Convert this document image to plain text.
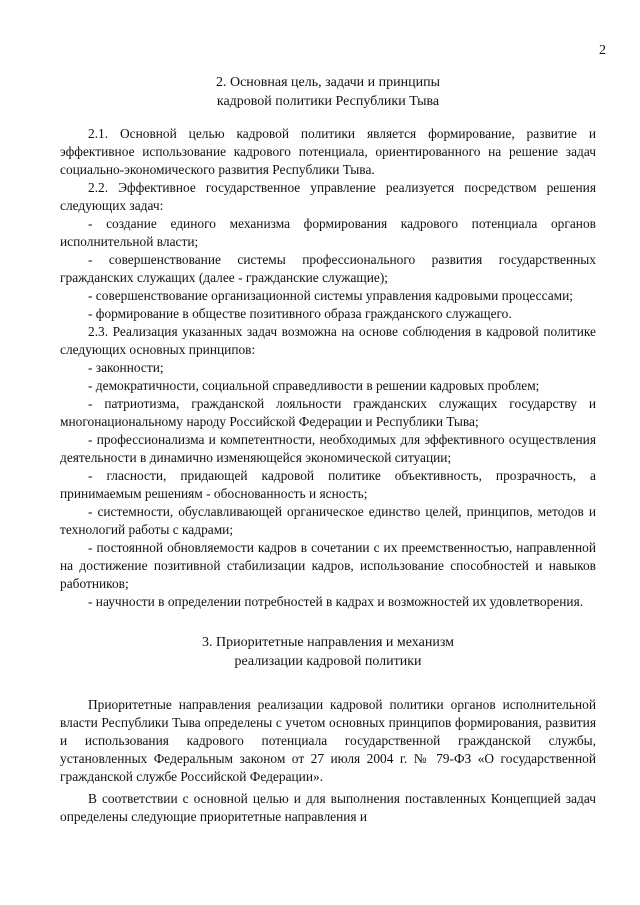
2
2. Основная цель, задачи и принципы
кадровой политики Республики Тыва

2.1. Основной целью кадровой политики является формирование, развитие и эффективное использование кадрового потенциала, ориентированного на решение задач социально-экономического развития Республики Тыва.

2.2. Эффективное государственное управление реализуется посредством решения следующих задач:

- создание единого механизма формирования кадрового потенциала органов исполнительной власти;

- совершенствование системы профессионального развития государственных гражданских служащих (далее - гражданские служащие);

- совершенствование организационной системы управления кадровыми процессами;

- формирование в обществе позитивного образа гражданского служащего.

2.3. Реализация указанных задач возможна на основе соблюдения в кадровой политике следующих основных принципов:

- законности;

- демократичности, социальной справедливости в решении кадровых проблем;

- патриотизма, гражданской лояльности гражданских служащих государству и многонациональному народу Российской Федерации и Республики Тыва;

- профессионализма и компетентности, необходимых для эффективного осуществления деятельности в динамично изменяющейся экономической ситуации;

- гласности, придающей кадровой политике объективность, прозрачность, а принимаемым решениям - обоснованность и ясность;

- системности, обуславливающей органическое единство целей, принципов, методов и технологий работы с кадрами;

- постоянной обновляемости кадров в сочетании с их преемственностью, направленной на достижение позитивной стабилизации кадров, использование способностей и навыков работников;

- научности в определении потребностей в кадрах и возможностей их удовлетворения.

3. Приоритетные направления и механизм
реализации кадровой политики

Приоритетные направления реализации кадровой политики органов исполнительной власти Республики Тыва определены с учетом основных принципов формирования, развития и использования кадрового потенциала государственной гражданской службы, установленных Федеральным законом от 27 июля 2004 г. № 79-ФЗ «О государственной гражданской службе Российской Федерации».

В соответствии с основной целью и для выполнения поставленных Концепцией задач определены следующие приоритетные направления и
